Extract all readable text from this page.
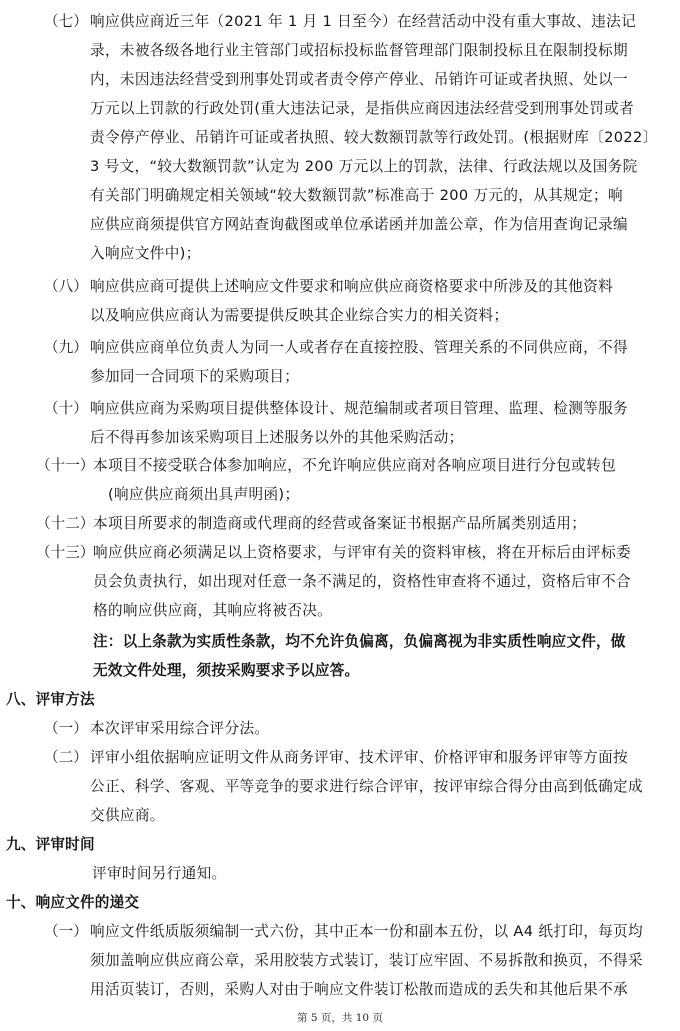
（七） 响应供应商近三年（2021 年 1 月 1 日至今）在经营活动中没有重大事故、违法记
录，未被各级各地行业主管部门或招标投标监督管理部门限制投标且在限制投标期
内，未因违法经营受到刑事处罚或者责令停产停业、吊销许可证或者执照、处以一
万元以上罚款的行政处罚(重大违法记录，是指供应商因违法经营受到刑事处罚或者
责令停产停业、吊销许可证或者执照、较大数额罚款等行政处罚。(根据财库〔2022〕
3 号文，“较大数额罚款”认定为 200 万元以上的罚款，法律、行政法规以及国务院
有关部门明确规定相关领域“较大数额罚款”标准高于 200 万元的，从其规定；响
应供应商须提供官方网站查询截图或单位承诺函并加盖公章，作为信用查询记录编
入响应文件中)；
（八） 响应供应商可提供上述响应文件要求和响应供应商资格要求中所涉及的其他资料
以及响应供应商认为需要提供反映其企业综合实力的相关资料；
（九） 响应供应商单位负责人为同一人或者存在直接控股、管理关系的不同供应商，不得
参加同一合同项下的采购项目；
（十） 响应供应商为采购项目提供整体设计、规范编制或者项目管理、监理、检测等服务
后不得再参加该采购项目上述服务以外的其他采购活动；
（十一）
本项目不接受联合体参加响应，不允许响应供应商对各响应项目进行分包或转包
(响应供应商须出具声明函)；
（十二）
本项目所要求的制造商或代理商的经营或备案证书根据产品所属类别适用；
（十三）
响应供应商必须满足以上资格要求，与评审有关的资料审核，将在开标后由评标委
员会负责执行，如出现对任意一条不满足的，资格性审查将不通过，资格后审不合
格的响应供应商，其响应将被否决。
注：以上条款为实质性条款，均不允许负偏离，负偏离视为非实质性响应文件，做
无效文件处理，须按采购要求予以应答。
八、评审方法
（一） 本次评审采用综合评分法。
（二） 评审小组依据响应证明文件从商务评审、技术评审、价格评审和服务评审等方面按
公正、科学、客观、平等竞争的要求进行综合评审，按评审综合得分由高到低确定成
交供应商。
九、评审时间
评审时间另行通知。
十、响应文件的递交
（一） 响应文件纸质版须编制一式六份，其中正本一份和副本五份，以 A4 纸打印，每页均
须加盖响应供应商公章，采用胶装方式装订，装订应牢固、不易拆散和换页，不得采
用活页装订，否则，采购人对由于响应文件装订松散而造成的丢失和其他后果不承
第 5 页，共 10 页
